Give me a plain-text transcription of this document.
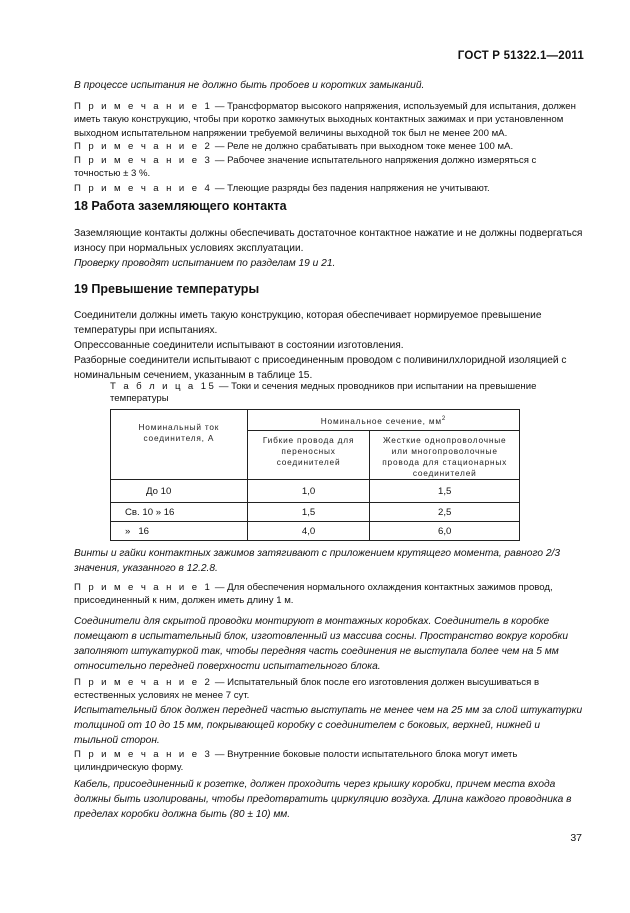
ГОСТ Р 51322.1—2011

В процессе испытания не должно быть пробоев и коротких замыканий.

П р и м е ч а н и е 1 — Трансформатор высокого напряжения, используемый для испытания, должен иметь такую конструкцию, чтобы при коротко замкнутых выходных контактных зажимах и при установленном выходном испытательном напряжении требуемой величины выходной ток был не менее 200 мА.

П р и м е ч а н и е 2 — Реле не должно срабатывать при выходном токе менее 100 мА.

П р и м е ч а н и е 3 — Рабочее значение испытательного напряжения должно измеряться с точностью ± 3 %.

П р и м е ч а н и е 4 — Тлеющие разряды без падения напряжения не учитывают.

18 Работа заземляющего контакта

Заземляющие контакты должны обеспечивать достаточное контактное нажатие и не должны подвергаться износу при нормальных условиях эксплуатации.

Проверку проводят испытанием по разделам 19 и 21.

19 Превышение температуры

Соединители должны иметь такую конструкцию, которая обеспечивает нормируемое превышение температуры при испытаниях.

Опрессованные соединители испытывают в состоянии изготовления.

Разборные соединители испытывают с присоединенным проводом с поливинилхлоридной изоляцией с номинальным сечением, указанным в таблице 15.

Т а б л и ц а 15 — Токи и сечения медных проводников при испытании на превышение температуры
Номинальный ток соединителя, А	Номинальное сечение, $мм^2$
	Гибкие провода для переносных соединителей	Жесткие однопроволочные или многопроволочные провода для стационарных соединителей
До 10	1,0	1,5
Св. 10 » 16	1,5	2,5
»   16	4,0	6,0

Винты и гайки контактных зажимов затягивают с приложением крутящего момента, равного 2/3 значения, указанного в 12.2.8.

П р и м е ч а н и е 1 — Для обеспечения нормального охлаждения контактных зажимов провод, присоединенный к ним, должен иметь длину 1 м.

Соединители для скрытой проводки монтируют в монтажных коробках. Соединитель в коробке помещают в испытательный блок, изготовленный из массива сосны. Пространство вокруг коробки заполняют штукатуркой так, чтобы передняя часть соединения не выступала более чем на 5 мм относительно передней поверхности испытательного блока.

П р и м е ч а н и е 2 — Испытательный блок после его изготовления должен высушиваться в естественных условиях не менее 7 сут.

Испытательный блок должен передней частью выступать не менее чем на 25 мм за слой штукатурки толщиной от 10 до 15 мм, покрывающей коробку с соединителем с боковых, верхней, нижней и тыльной сторон.

П р и м е ч а н и е 3 — Внутренние боковые полости испытательного блока могут иметь цилиндрическую форму.

Кабель, присоединенный к розетке, должен проходить через крышку коробки, причем места входа должны быть изолированы, чтобы предотвратить циркуляцию воздуха. Длина каждого проводника в пределах коробки должна быть (80 ± 10) мм.

37
